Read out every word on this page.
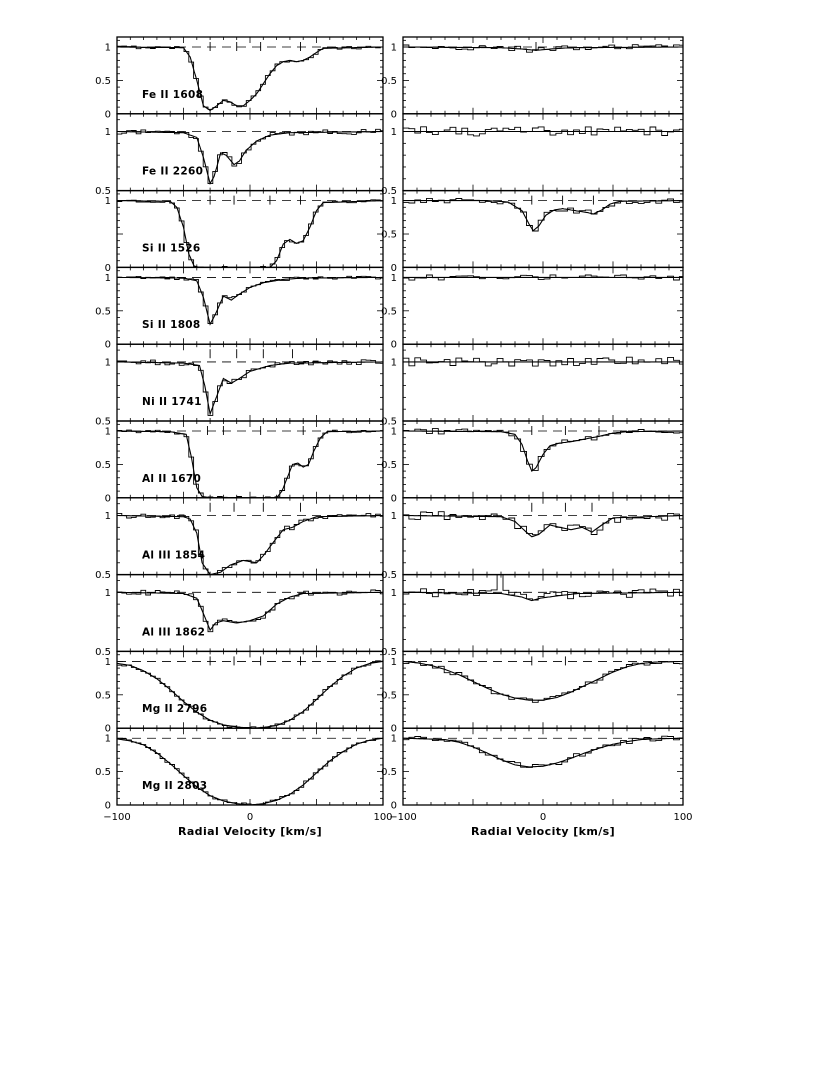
0
0.5
1
Fe II 1608
0.5
1
Fe II 2260
0
1
Si II 1526
0
0.5
1
Si II 1808
0.5
1
Ni II 1741
0
0.5
1
Al II 1670
0.5
1
Al III 1854
0.5
1
Al III 1862
0
0.5
1
Mg II 2796
0
0.5
1
Mg II 2803
−100	0	100
Radial Velocity [km/s]
0
0.5
1
0.5
1
0
0.5
1
0
0.5
1
0.5
1
0
0.5
1
0.5
1
0.5
1
0
0.5
1
0
0.5
1
−100	0	100
Radial Velocity [km/s]
